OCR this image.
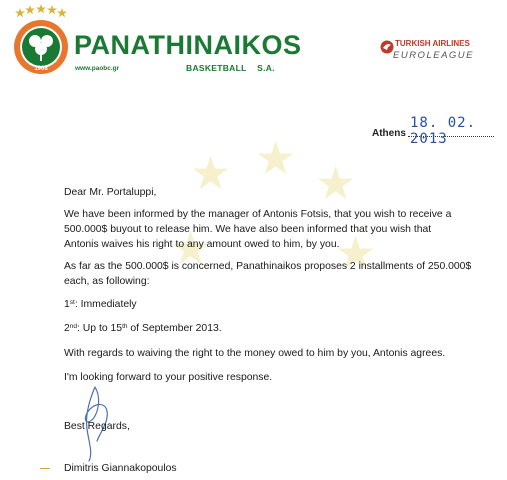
★ ★ ★
★	★
1908
PANATHINAIKOS
www.paobc.gr	BASKETBALL    S.A.
TURKISH AIRLINES
EUROLEAGUE
Athens
18. 02. 2013
Dear Mr. Portaluppi,
We have been informed by the manager of Antonis Fotsis, that you wish to receive a
500.000$ buyout to release him. We have also been informed that you wish that
Antonis waives his right to any amount owed to him, by you.
As far as the 500.000$ is concerned, Panathinaikos proposes 2 installments of 250.000$
each, as following:
1st: Immediately
2nd: Up to 15th of September 2013.
With regards to waiving the right to the money owed to him by you, Antonis agrees.
I'm looking forward to your positive response.
Best Regards,
Dimitris Giannakopoulos
